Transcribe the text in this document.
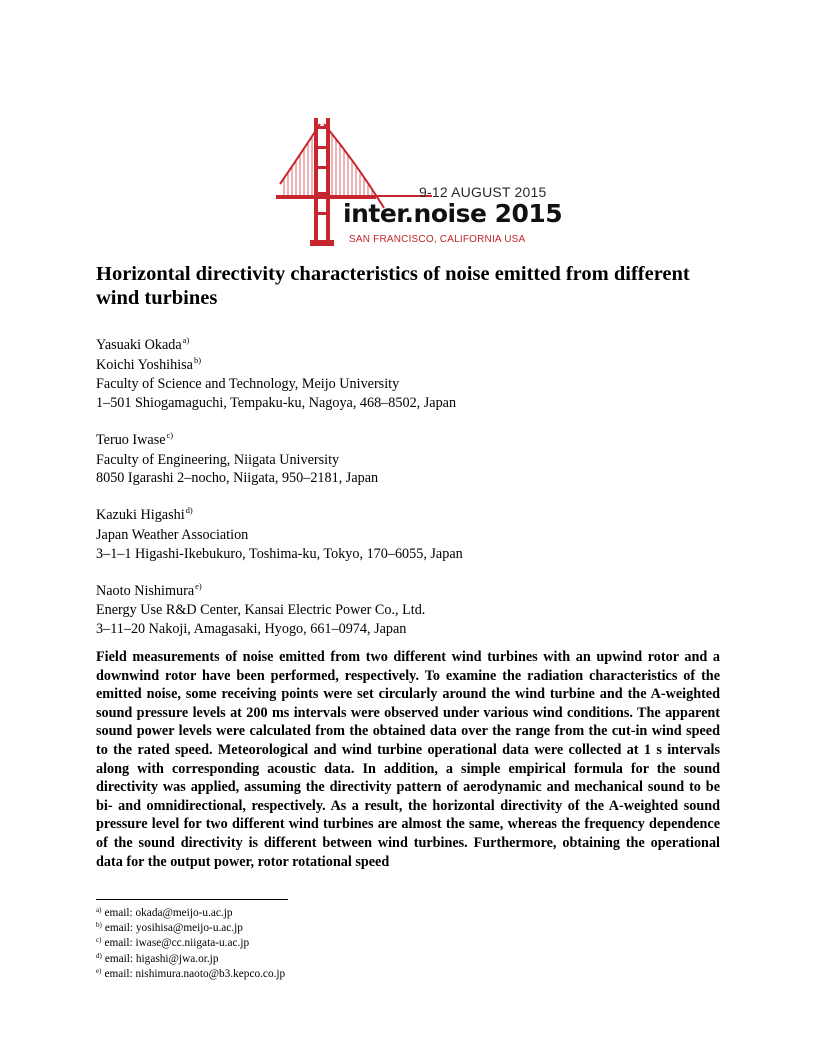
9-12 AUGUST 2015
inter.noise 2015
SAN FRANCISCO, CALIFORNIA USA
Horizontal directivity characteristics of noise emitted from different wind turbines
Yasuaki Okada$^{a)}$
Koichi Yoshihisa$^{b)}$
Faculty of Science and Technology, Meijo University
1–501 Shiogamaguchi, Tempaku-ku, Nagoya, 468–8502, Japan
Teruo Iwase$^{c)}$
Faculty of Engineering, Niigata University
8050 Igarashi 2–nocho, Niigata, 950–2181, Japan
Kazuki Higashi$^{d)}$
Japan Weather Association
3–1–1 Higashi-Ikebukuro, Toshima-ku, Tokyo, 170–6055, Japan
Naoto Nishimura$^{e)}$
Energy Use R&D Center, Kansai Electric Power Co., Ltd.
3–11–20 Nakoji, Amagasaki, Hyogo, 661–0974, Japan
Field measurements of noise emitted from two different wind turbines with an upwind rotor and a downwind rotor have been performed, respectively. To examine the radiation characteristics of the emitted noise, some receiving points were set circularly around the wind turbine and the A-weighted sound pressure levels at 200 ms intervals were observed under various wind conditions. The apparent sound power levels were calculated from the obtained data over the range from the cut-in wind speed to the rated speed. Meteorological and wind turbine operational data were collected at 1 s intervals along with corresponding acoustic data. In addition, a simple empirical formula for the sound directivity was applied, assuming the directivity pattern of aerodynamic and mechanical sound to be bi- and omnidirectional, respectively. As a result, the horizontal directivity of the A-weighted sound pressure level for two different wind turbines are almost the same, whereas the frequency dependence of the sound directivity is different between wind turbines. Furthermore, obtaining the operational data for the output power, rotor rotational speed
$^{a)}$ email: okada@meijo-u.ac.jp
$^{b)}$ email: yosihisa@meijo-u.ac.jp
$^{c)}$ email: iwase@cc.niigata-u.ac.jp
$^{d)}$ email: higashi@jwa.or.jp
$^{e)}$ email: nishimura.naoto@b3.kepco.co.jp
